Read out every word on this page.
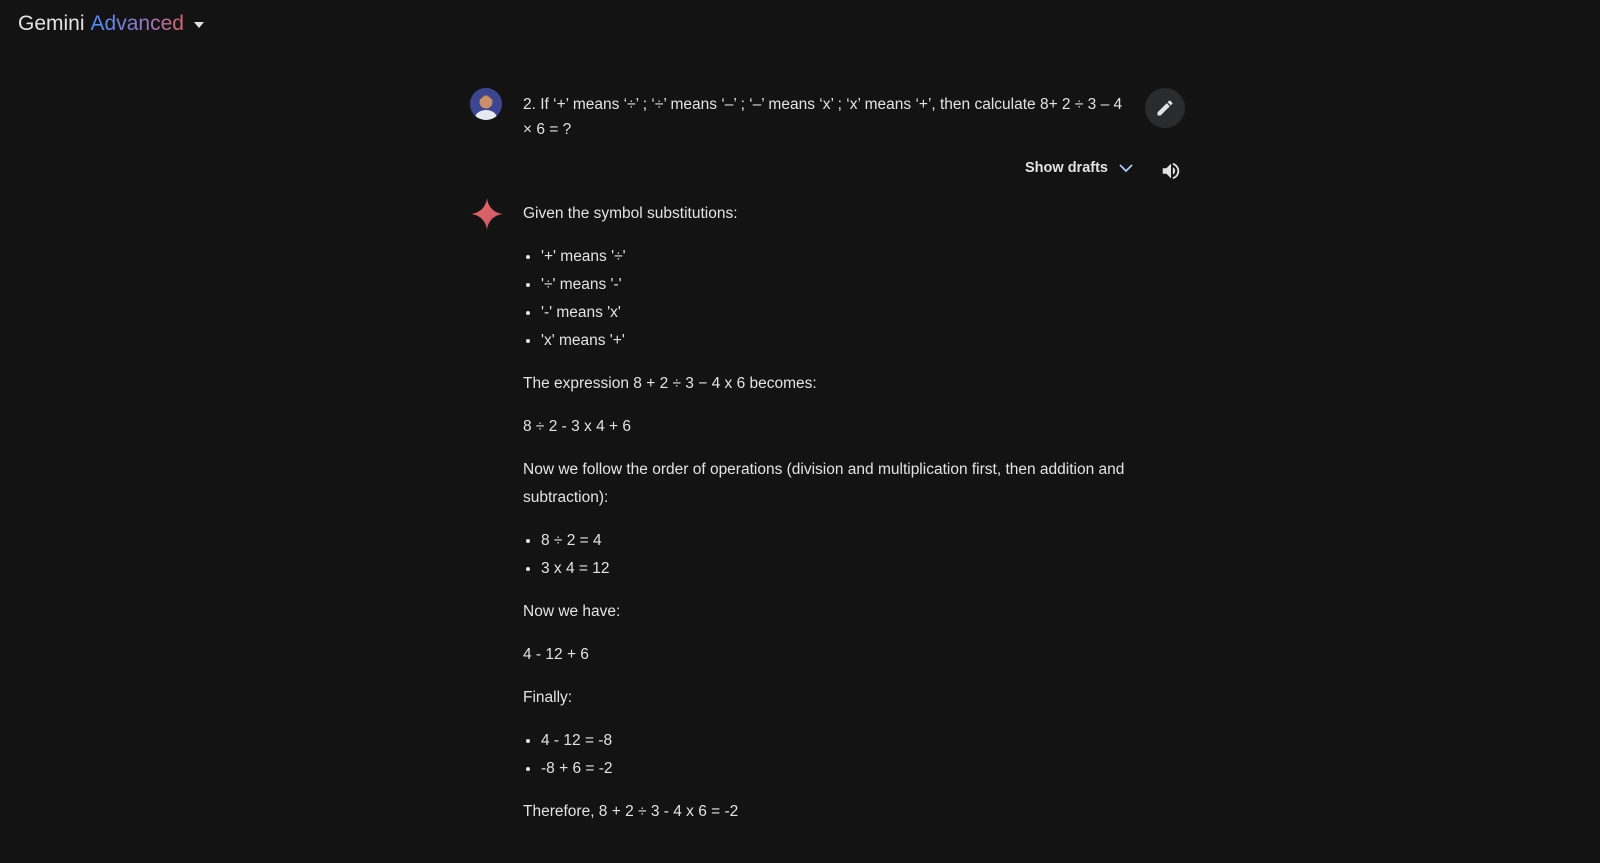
Gemini Advanced
2. If ‘+’ means ‘÷’ ; ‘÷’ means ‘–’ ; ‘–’ means ‘x’ ; ‘x’ means ‘+’, then calculate 8+ 2 ÷ 3 – 4 × 6 = ?
Show drafts

Given the symbol substitutions:

• '+' means '÷'
• '÷' means '-'
• '-' means 'x'
• 'x' means '+'

The expression 8 + 2 ÷ 3 − 4 x 6 becomes:

8 ÷ 2 - 3 x 4 + 6

Now we follow the order of operations (division and multiplication first, then addition and subtraction):

• 8 ÷ 2 = 4
• 3 x 4 = 12

Now we have:

4 - 12 + 6

Finally:

• 4 - 12 = -8
• -8 + 6 = -2

Therefore, 8 + 2 ÷ 3 - 4 x 6 = -2
